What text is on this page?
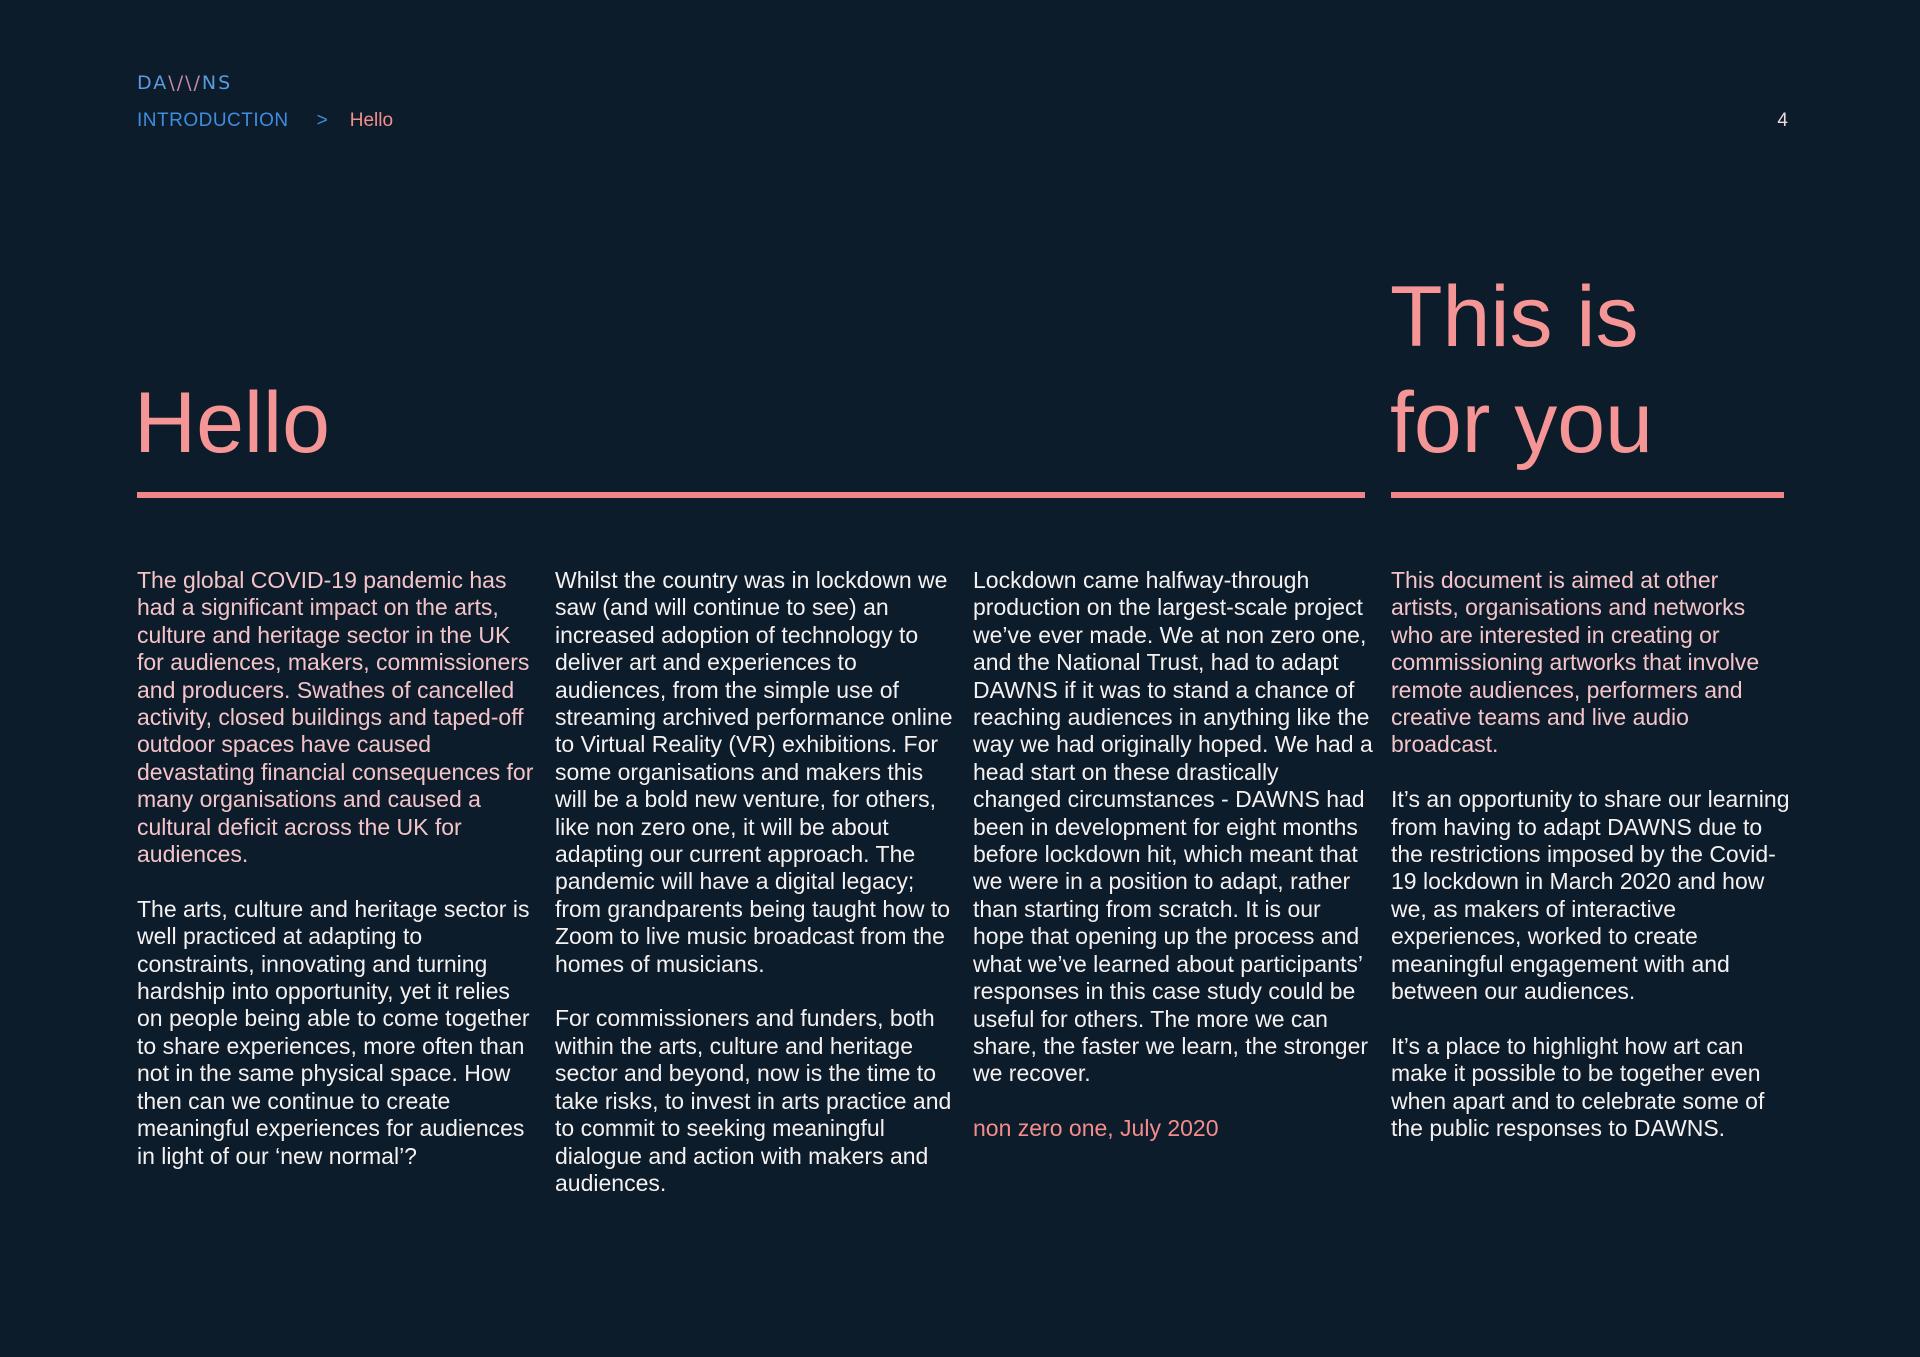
DA\/\/NS
INTRODUCTION > Hello	4
Hello
This is
for you

The global COVID-19 pandemic has had a significant impact on the arts, culture and heritage sector in the UK for audiences, makers, commissioners and producers. Swathes of cancelled activity, closed buildings and taped-off outdoor spaces have caused devastating financial consequences for many organisations and caused a cultural deficit across the UK for audiences.

The arts, culture and heritage sector is well practiced at adapting to constraints, innovating and turning hardship into opportunity, yet it relies on people being able to come together to share experiences, more often than not in the same physical space. How then can we continue to create meaningful experiences for audiences in light of our ‘new normal’?

Whilst the country was in lockdown we saw (and will continue to see) an increased adoption of technology to deliver art and experiences to audiences, from the simple use of streaming archived performance online to Virtual Reality (VR) exhibitions. For some organisations and makers this will be a bold new venture, for others, like non zero one, it will be about adapting our current approach. The pandemic will have a digital legacy; from grandparents being taught how to Zoom to live music broadcast from the homes of musicians.

For commissioners and funders, both within the arts, culture and heritage sector and beyond, now is the time to take risks, to invest in arts practice and to commit to seeking meaningful dialogue and action with makers and audiences.

Lockdown came halfway-through production on the largest-scale project we’ve ever made. We at non zero one, and the National Trust, had to adapt DAWNS if it was to stand a chance of reaching audiences in anything like the way we had originally hoped. We had a head start on these drastically changed circumstances - DAWNS had been in development for eight months before lockdown hit, which meant that we were in a position to adapt, rather than starting from scratch. It is our hope that opening up the process and what we’ve learned about participants’ responses in this case study could be useful for others. The more we can share, the faster we learn, the stronger we recover.

non zero one, July 2020

This document is aimed at other artists, organisations and networks who are interested in creating or commissioning artworks that involve remote audiences, performers and creative teams and live audio broadcast.

It’s an opportunity to share our learning from having to adapt DAWNS due to the restrictions imposed by the Covid-19 lockdown in March 2020 and how we, as makers of interactive experiences, worked to create meaningful engagement with and between our audiences.

It’s a place to highlight how art can make it possible to be together even when apart and to celebrate some of the public responses to DAWNS.
